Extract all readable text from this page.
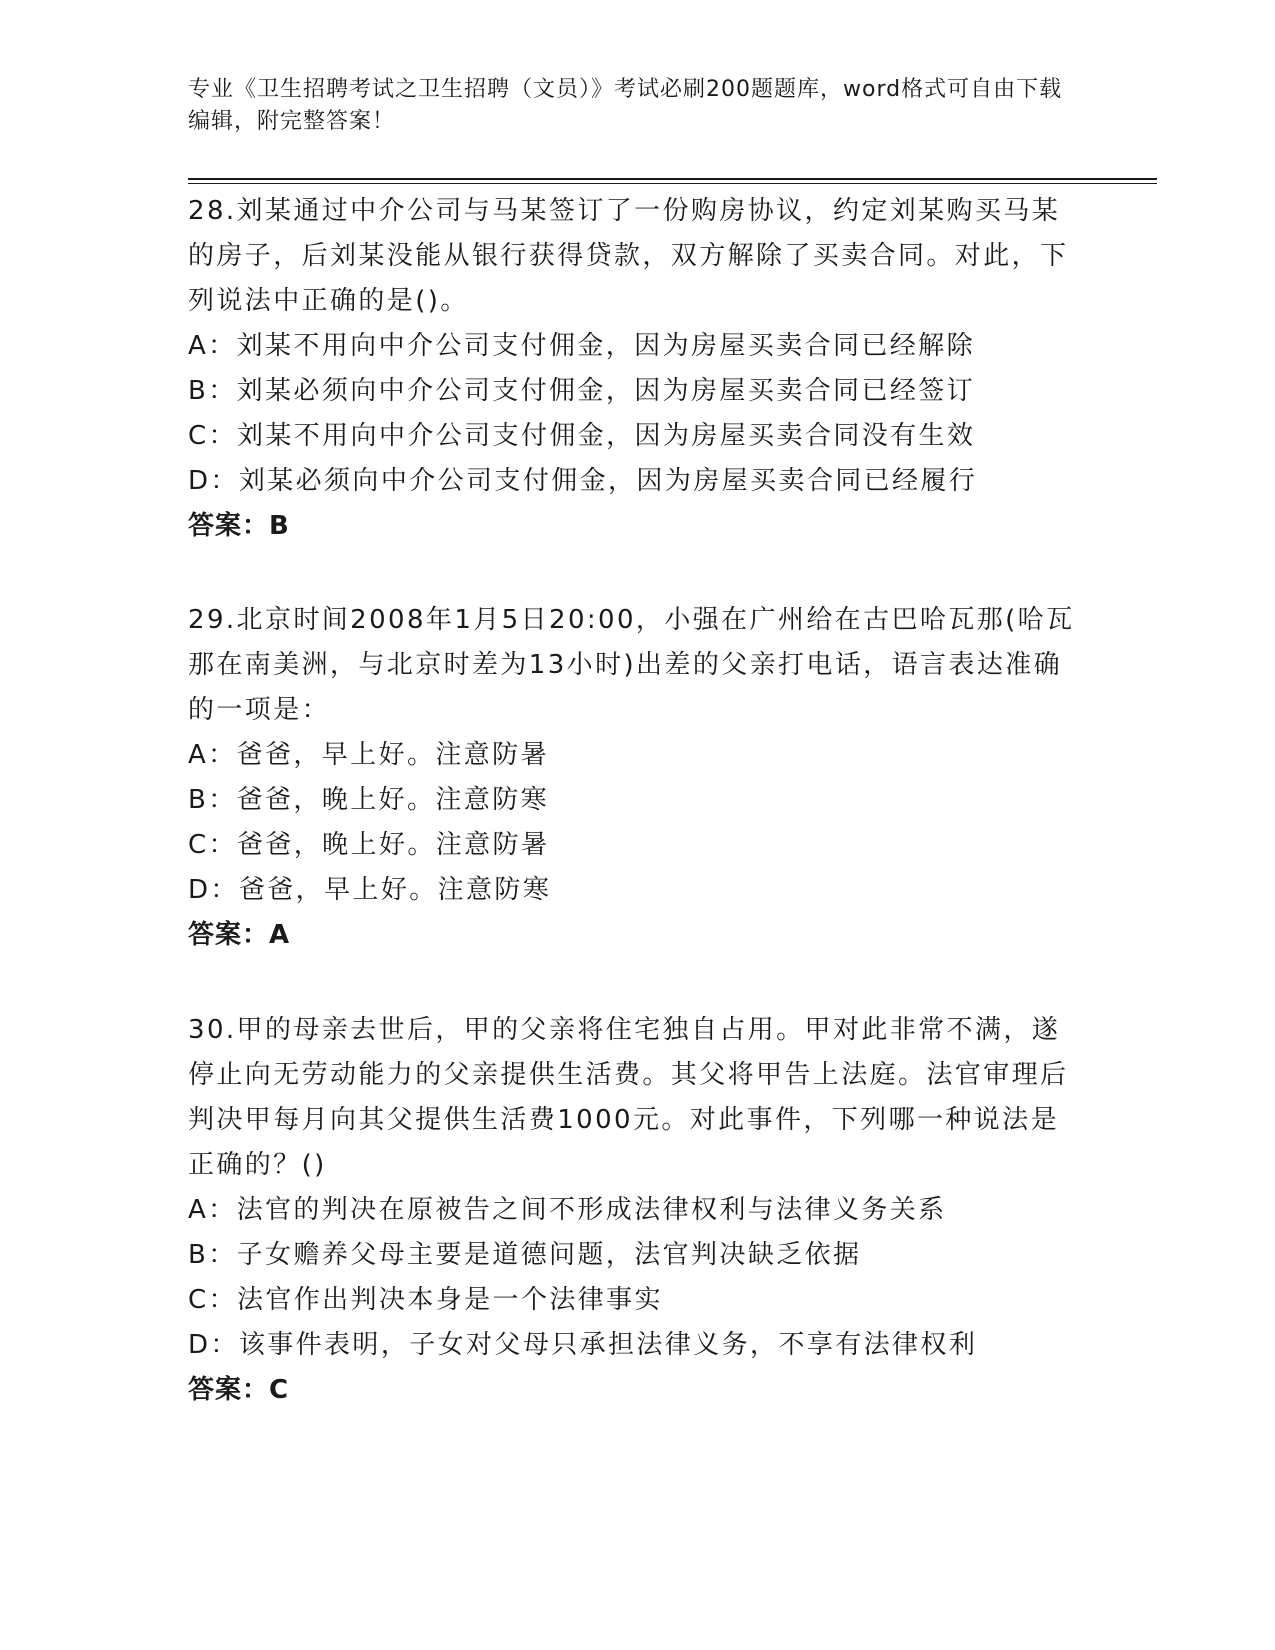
专业《卫生招聘考试之卫生招聘（文员）》考试必刷200题题库，word格式可自由下载编辑，附完整答案！

28.刘某通过中介公司与马某签订了一份购房协议，约定刘某购买马某的房子，后刘某没能从银行获得贷款，双方解除了买卖合同。对此，下列说法中正确的是()。

A：刘某不用向中介公司支付佣金，因为房屋买卖合同已经解除

B：刘某必须向中介公司支付佣金，因为房屋买卖合同已经签订

C：刘某不用向中介公司支付佣金，因为房屋买卖合同没有生效

D：刘某必须向中介公司支付佣金，因为房屋买卖合同已经履行

答案：B

29.北京时间2008年1月5日20:00，小强在广州给在古巴哈瓦那(哈瓦那在南美洲，与北京时差为13小时)出差的父亲打电话，语言表达准确的一项是：

A：爸爸，早上好。注意防暑

B：爸爸，晚上好。注意防寒

C：爸爸，晚上好。注意防暑

D：爸爸，早上好。注意防寒

答案：A

30.甲的母亲去世后，甲的父亲将住宅独自占用。甲对此非常不满，遂停止向无劳动能力的父亲提供生活费。其父将甲告上法庭。法官审理后判决甲每月向其父提供生活费1000元。对此事件，下列哪一种说法是正确的？()

A：法官的判决在原被告之间不形成法律权利与法律义务关系

B：子女赡养父母主要是道德问题，法官判决缺乏依据

C：法官作出判决本身是一个法律事实

D：该事件表明，子女对父母只承担法律义务，不享有法律权利

答案：C
